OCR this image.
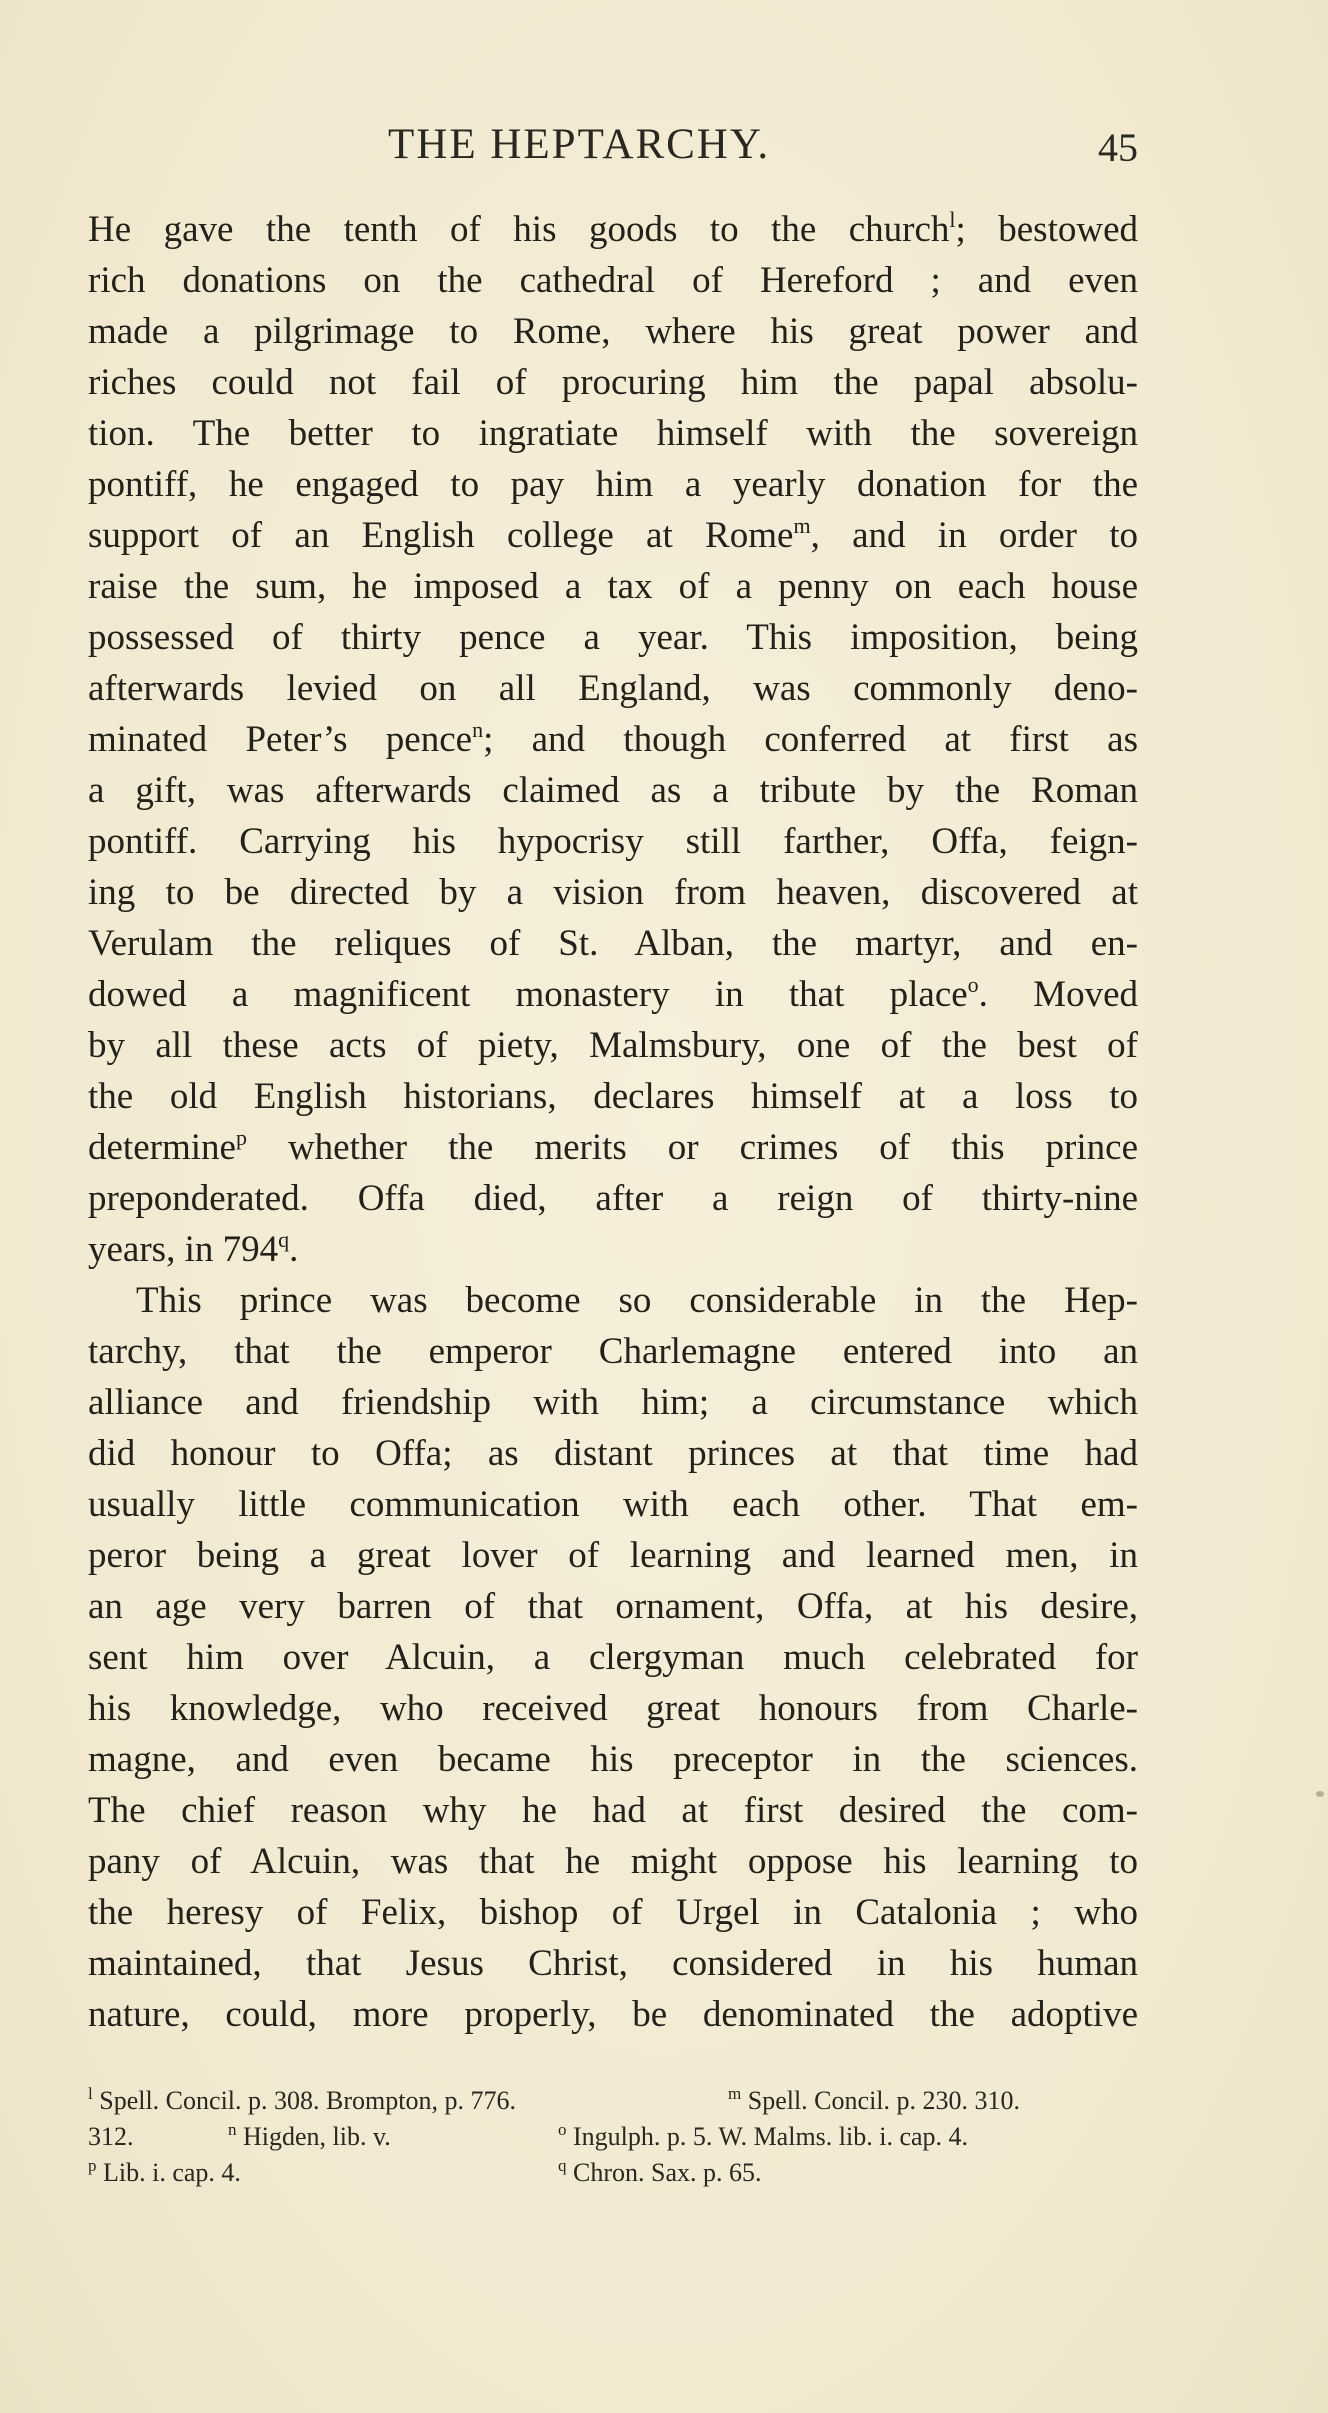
THE HEPTARCHY.	45
He gave the tenth of his goods to the church$^l$; bestowed
rich donations on the cathedral of Hereford ; and even
made a pilgrimage to Rome, where his great power and
riches could not fail of procuring him the papal absolu-
tion. The better to ingratiate himself with the sovereign
pontiff, he engaged to pay him a yearly donation for the
support of an English college at Rome$^m$, and in order to
raise the sum, he imposed a tax of a penny on each house
possessed of thirty pence a year. This imposition, being
afterwards levied on all England, was commonly deno-
minated Peter’s pence$^n$; and though conferred at first as
a gift, was afterwards claimed as a tribute by the Roman
pontiff. Carrying his hypocrisy still farther, Offa, feign-
ing to be directed by a vision from heaven, discovered at
Verulam the reliques of St. Alban, the martyr, and en-
dowed a magnificent monastery in that place$^o$. Moved
by all these acts of piety, Malmsbury, one of the best of
the old English historians, declares himself at a loss to
determine$^p$ whether the merits or crimes of this prince
preponderated. Offa died, after a reign of thirty-nine
years, in 794$^q$.
This prince was become so considerable in the Hep-
tarchy, that the emperor Charlemagne entered into an
alliance and friendship with him; a circumstance which
did honour to Offa; as distant princes at that time had
usually little communication with each other. That em-
peror being a great lover of learning and learned men, in
an age very barren of that ornament, Offa, at his desire,
sent him over Alcuin, a clergyman much celebrated for
his knowledge, who received great honours from Charle-
magne, and even became his preceptor in the sciences.
The chief reason why he had at first desired the com-
pany of Alcuin, was that he might oppose his learning to
the heresy of Felix, bishop of Urgel in Catalonia ; who
maintained, that Jesus Christ, considered in his human
nature, could, more properly, be denominated the adoptive
$^l$ Spell. Concil. p. 308. Brompton, p. 776.	$^m$ Spell. Concil. p. 230. 310.
312.	$^n$ Higden, lib. v.	$^o$ Ingulph. p. 5. W. Malms. lib. i. cap. 4.
$^p$ Lib. i. cap. 4.	$^q$ Chron. Sax. p. 65.
